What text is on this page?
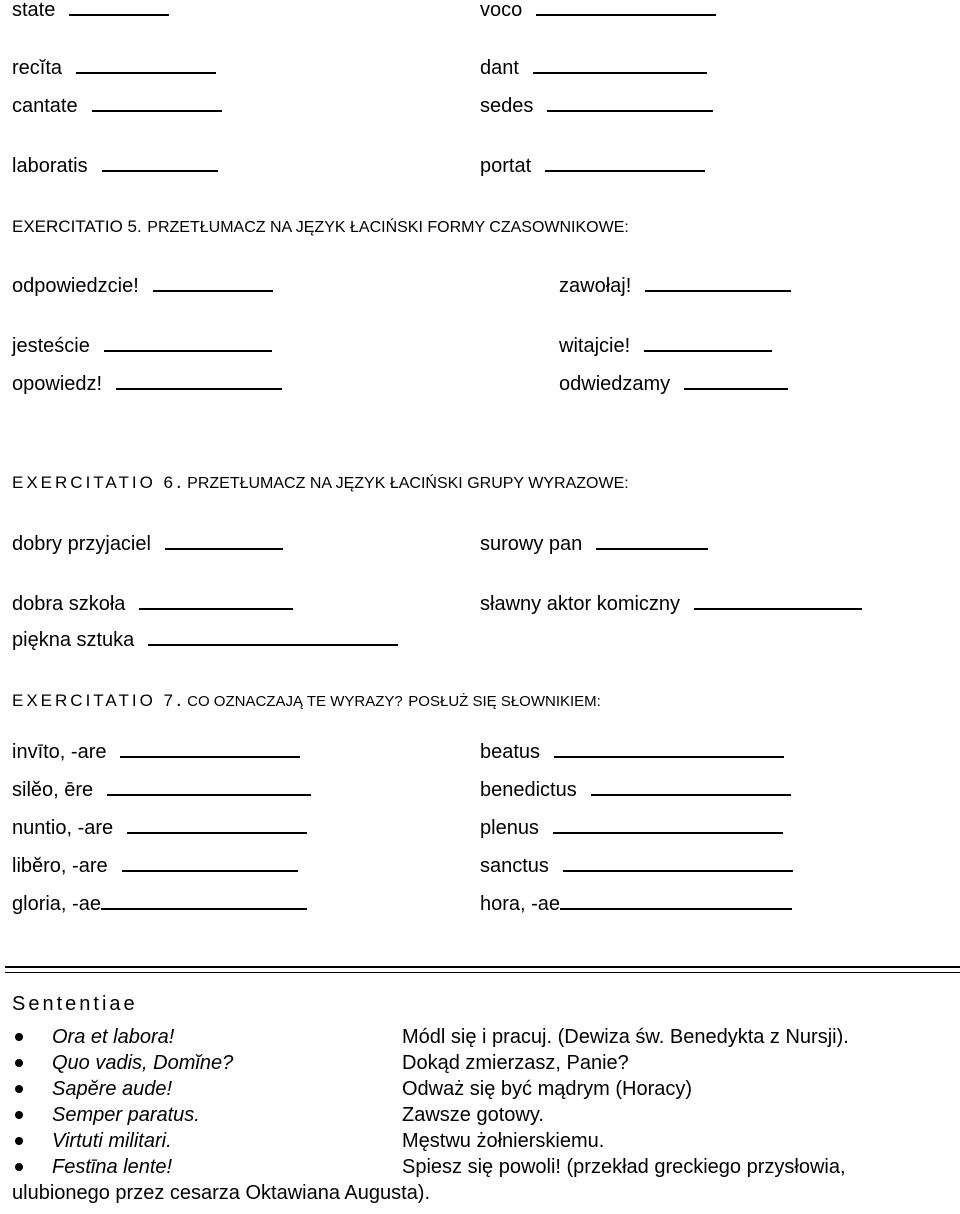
state	voco
recĭta	dant
cantate	sedes
laboratis	portat
EXERCITATIO 5. PRZETŁUMACZ NA JĘZYK ŁACIŃSKI FORMY CZASOWNIKOWE:
odpowiedzcie!	zawołaj!
jesteście	witajcie!
opowiedz!	odwiedzamy
EXERCITATIO 6. PRZETŁUMACZ NA JĘZYK ŁACIŃSKI GRUPY WYRAZOWE:
dobry przyjaciel	surowy pan
dobra szkoła	sławny aktor komiczny
piękna sztuka
EXERCITATIO 7. CO OZNACZAJĄ TE WYRAZY? POSŁUŻ SIĘ SŁOWNIKIEM:
invīto, -are	beatus
silĕo, ēre	benedictus
nuntio, -are	plenus
libĕro, -are	sanctus
gloria, -ae	hora, -ae
Sententiae
Ora et labora!	Módl się i pracuj. (Dewiza św. Benedykta z Nursji).
Quo vadis, Domĭne?	Dokąd zmierzasz, Panie?
Sapĕre aude!	Odważ się być mądrym (Horacy)
Semper paratus.	Zawsze gotowy.
Virtuti militari.	Męstwu żołnierskiemu.
Festīna lente!	Spiesz się powoli! (przekład greckiego przysłowia,
ulubionego przez cesarza Oktawiana Augusta).
